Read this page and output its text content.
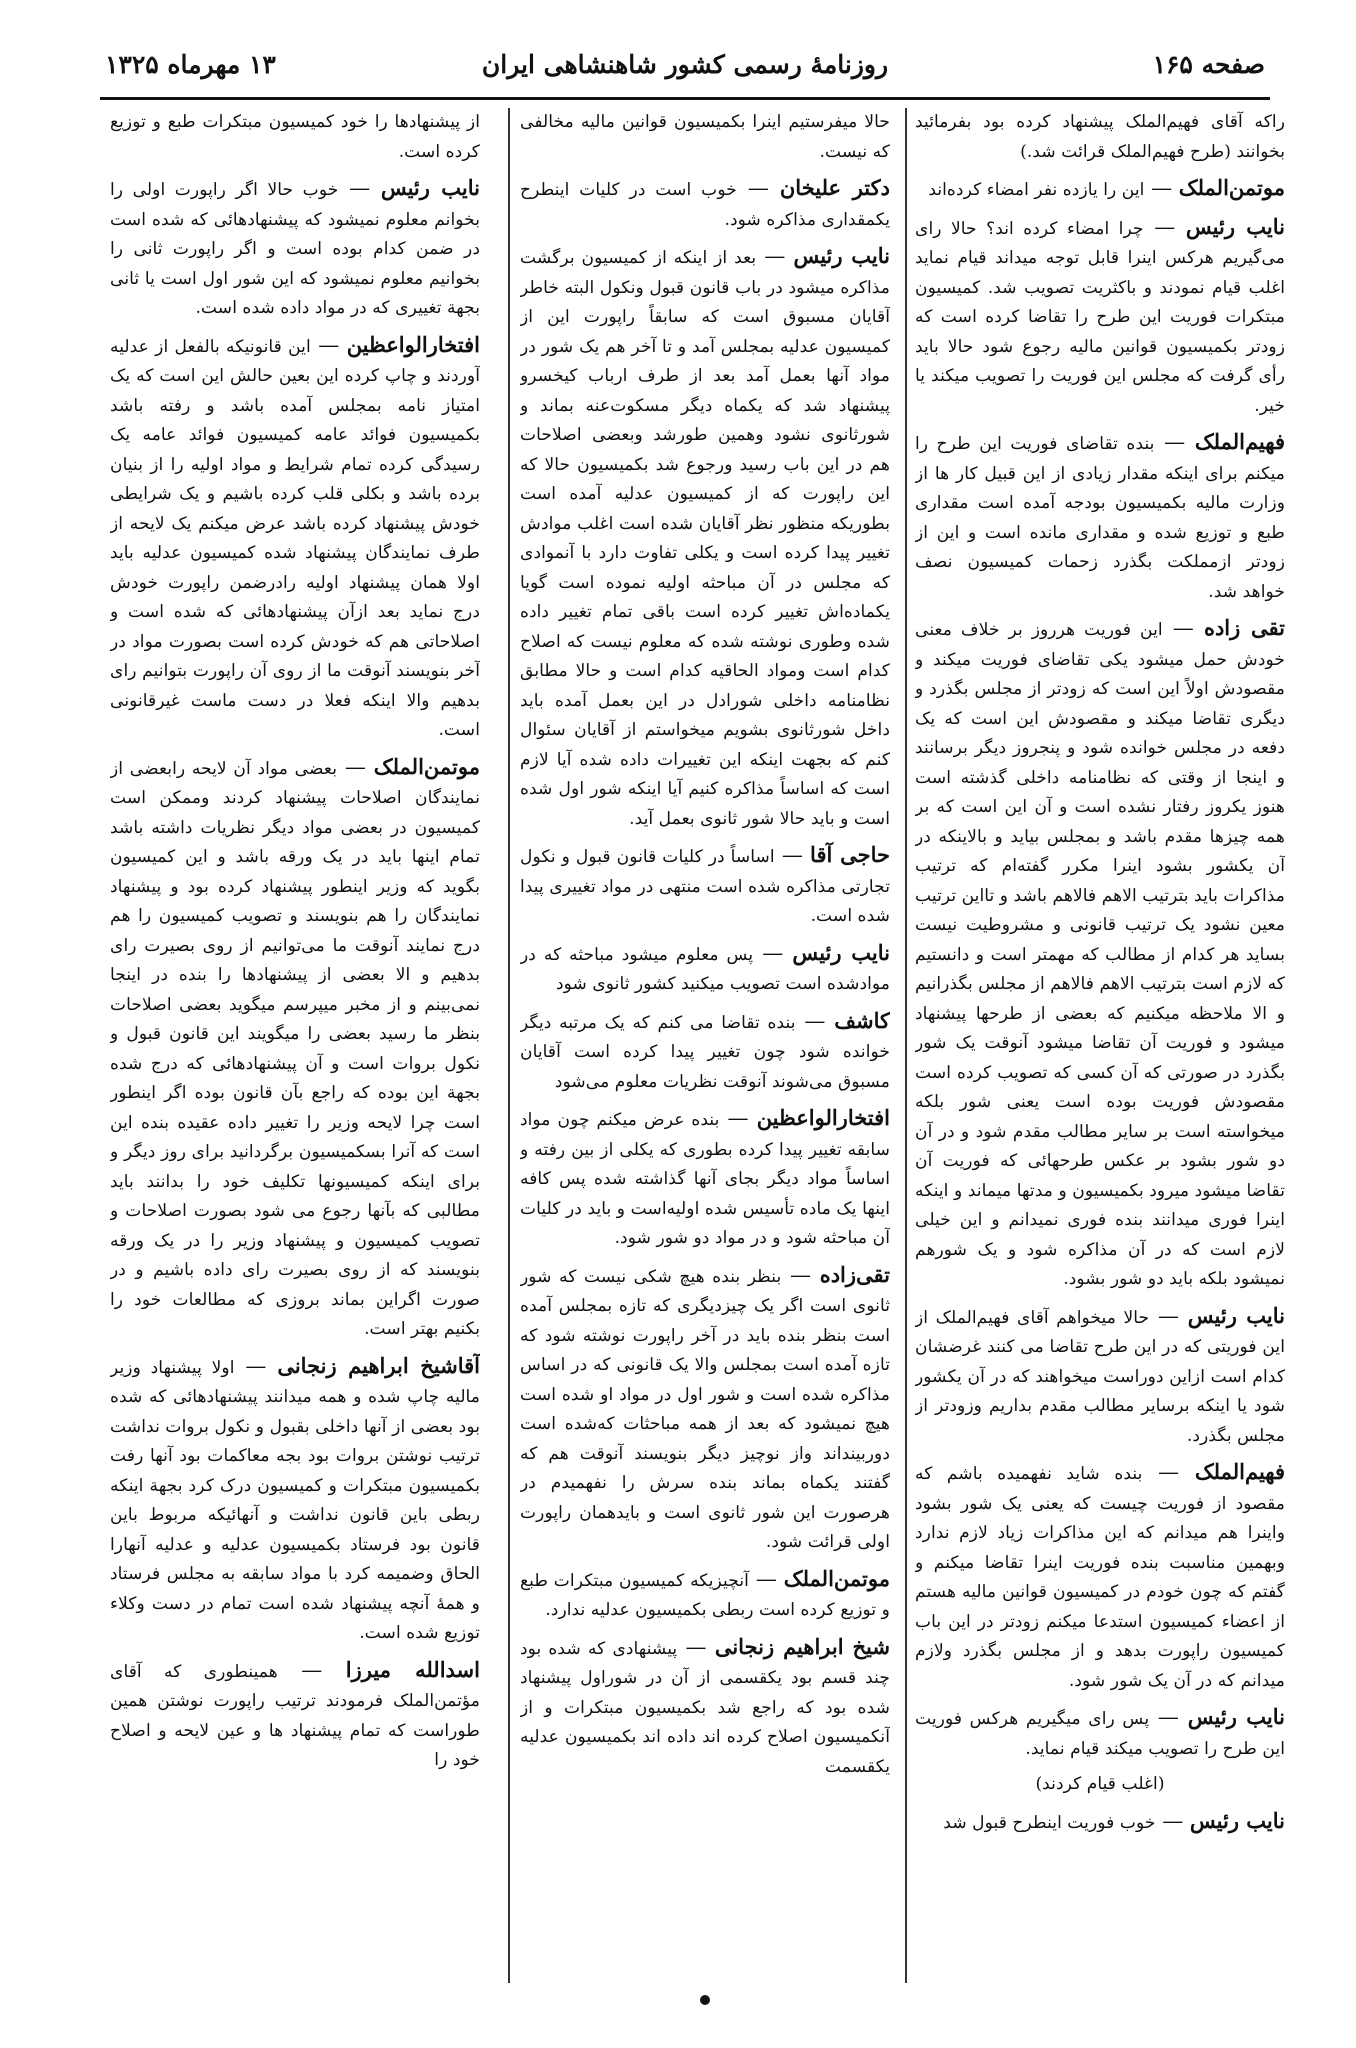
صفحه ۱۶۵
روزنامهٔ رسمی کشور شاهنشاهی ایران
۱۳ مهرماه ۱۳۲۵

راکه آقای فهیم‌الملک پیشنهاد کرده بود بفرمائید بخوانند (طرح فهیم‌الملک قرائت شد.)

موتمن‌الملک — این را یازده نفر امضاء کرده‌اند

نایب رئیس — چرا امضاء کرده اند؟ حالا رای می‌گیریم هرکس اینرا قابل توجه میداند قیام نماید اغلب قیام نمودند و باکثریت تصویب شد. کمیسیون مبتکرات فوریت این طرح را تقاضا کرده است که زودتر بکمیسیون قوانین مالیه رجوع شود حالا باید رأی گرفت که مجلس این فوریت را تصویب میکند یا خیر.

فهیم‌الملک — بنده تقاضای فوریت این طرح را میکنم برای اینکه مقدار زیادی از این قبیل کار ها از وزارت مالیه بکمیسیون بودجه آمده است مقداری طبع و توزیع شده و مقداری مانده است و این از زودتر ازمملکت بگذرد زحمات کمیسیون نصف خواهد شد.

تقی زاده — این فوریت هرروز بر خلاف معنی خودش حمل میشود یکی تقاضای فوریت میکند و مقصودش اولاً این است که زودتر از مجلس بگذرد و دیگری تقاضا میکند و مقصودش این است که یک دفعه در مجلس خوانده شود و پنجروز دیگر برسانند و اینجا از وقتی که نظامنامه داخلی گذشته است هنوز یکروز رفتار نشده است و آن این است که بر همه چیزها مقدم باشد و بمجلس بیاید و بالاینکه در آن یکشور بشود اینرا مکرر گفته‌ام که ترتیب مذاکرات باید بترتیب الاهم فالاهم باشد و تااین ترتیب معین نشود یک ترتیب قانونی و مشروطیت نیست بساید هر کدام از مطالب که مهمتر است و دانستیم که لازم است بترتیب الاهم فالاهم از مجلس بگذرانیم و الا ملاحظه میکنیم که بعضی از طرحها پیشنهاد میشود و فوریت آن تقاضا میشود آنوقت یک شور بگذرد در صورتی که آن کسی که تصویب کرده است مقصودش فوریت بوده است یعنی شور بلکه میخواسته است بر سایر مطالب مقدم شود و در آن دو شور بشود بر عکس طرحهائی که فوریت آن تقاضا میشود میرود بکمیسیون و مدتها میماند و اینکه اینرا فوری میدانند بنده فوری نمیدانم و این خیلی لازم است که در آن مذاکره شود و یک شورهم نمیشود بلکه باید دو شور بشود.

نایب رئیس — حالا میخواهم آقای فهیم‌الملک از این فوریتی که در این طرح تقاضا می کنند غرضشان کدام است ازاین دوراست میخواهند که در آن یکشور شود یا اینکه برسایر مطالب مقدم بداریم وزودتر از مجلس بگذرد.

فهیم‌الملک — بنده شاید نفهمیده باشم که مقصود از فوریت چیست که یعنی یک شور بشود واینرا هم میدانم که این مذاکرات زیاد لازم ندارد وبهمین مناسبت بنده فوریت اینرا تقاضا میکنم و گفتم که چون خودم در کمیسیون قوانین مالیه هستم از اعضاء کمیسیون استدعا میکنم زودتر در این باب کمیسیون راپورت بدهد و از مجلس بگذرد ولازم میدانم که در آن یک شور شود.

نایب رئیس — پس رای میگیریم هرکس فوریت این طرح را تصویب میکند قیام نماید.

(اغلب قیام کردند)

نایب رئیس — خوب فوریت اینطرح قبول شد

حالا میفرستیم اینرا بکمیسیون قوانین مالیه مخالفی که نیست.

دکتر علیخان — خوب است در کلیات اینطرح یکمقداری مذاکره شود.

نایب رئیس — بعد از اینکه از کمیسیون برگشت مذاکره میشود در باب قانون قبول ونکول البته خاطر آقایان مسبوق است که سابقاً راپورت این از کمیسیون عدلیه بمجلس آمد و تا آخر هم یک شور در مواد آنها بعمل آمد بعد از طرف ارباب کیخسرو پیشنهاد شد که یکماه دیگر مسکوت‌عنه بماند و شورثانوی نشود وهمین طورشد وبعضی اصلاحات هم در این باب رسید ورجوع شد بکمیسیون حالا که این راپورت که از کمیسیون عدلیه آمده است بطوریکه منظور نظر آقایان شده است اغلب موادش تغییر پیدا کرده است و یکلی تفاوت دارد با آنموادی که مجلس در آن مباحثه اولیه نموده است گویا یکماده‌اش تغییر کرده است باقی تمام تغییر داده شده وطوری نوشته شده که معلوم نیست که اصلاح کدام است ومواد الحاقیه کدام است و حالا مطابق نظامنامه داخلی شورادل در این بعمل آمده باید داخل شورثانوی بشویم میخواستم از آقایان سئوال کنم که بجهت اینکه این تغییرات داده شده آیا لازم است که اساساً مذاکره کنیم آیا اینکه شور اول شده است و باید حالا شور ثانوی بعمل آید.

حاجی آقا — اساساً در کلیات قانون قبول و نکول تجارتی مذاکره شده است منتهی در مواد تغییری پیدا شده است.

نایب رئیس — پس معلوم میشود مباحثه که در موادشده است تصویب میکنید کشور ثانوی شود

کاشف — بنده تقاضا می کنم که یک مرتبه دیگر خوانده شود چون تغییر پیدا کرده است آقایان مسبوق می‌شوند آنوقت نظریات معلوم می‌شود

افتخارالواعظین — بنده عرض میکنم چون مواد سابقه تغییر پیدا کرده بطوری که یکلی از بین رفته و اساساً مواد دیگر بجای آنها گذاشته شده پس کافه اینها یک ماده تأسیس شده اولیه‌است و باید در کلیات آن مباحثه شود و در مواد دو شور شود.

تقی‌زاده — بنظر بنده هیچ شکی نیست که شور ثانوی است اگر یک چیزدیگری که تازه بمجلس آمده است بنظر بنده باید در آخر راپورت نوشته شود که تازه آمده است بمجلس والا یک قانونی که در اساس مذاکره شده است و شور اول در مواد او شده است هیچ نمیشود که بعد از همه مباحثات که‌شده است دوربینداند واز نوچیز دیگر بنویسند آنوقت هم که گفتند یکماه بماند بنده سرش را نفهمیدم در هرصورت این شور ثانوی است و بایدهمان راپورت اولی قرائت شود.

موتمن‌الملک — آنچیزیکه کمیسیون مبتکرات طبع و توزیع کرده است ربطی بکمیسیون عدلیه ندارد.

شیخ ابراهیم زنجانی — پیشنهادی که شده بود چند قسم بود یکقسمی از آن در شوراول پیشنهاد شده بود که راجع شد بکمیسیون مبتکرات و از آنکمیسیون اصلاح کرده اند داده اند بکمیسیون عدلیه یکقسمت

از پیشنهادها را خود کمیسیون مبتکرات طبع و توزیع کرده است.

نایب رئیس — خوب حالا اگر راپورت اولی را بخوانم معلوم نمیشود که پیشنهادهائی که شده است در ضمن کدام بوده است و اگر راپورت ثانی را بخوانیم معلوم نمیشود که این شور اول است یا ثانی بجهة تغییری که در مواد داده شده است.

افتخارالواعظین — این قانونیکه بالفعل از عدلیه آوردند و چاپ کرده این بعین حالش این است که یک امتیاز نامه بمجلس آمده باشد و رفته باشد بکمیسیون فوائد عامه کمیسیون فوائد عامه یک رسیدگی کرده تمام شرایط و مواد اولیه را از بنیان برده باشد و بکلی قلب کرده باشیم و یک شرایطی خودش پیشنهاد کرده باشد عرض میکنم یک لایحه از طرف نمایندگان پیشنهاد شده کمیسیون عدلیه باید اولا همان پیشنهاد اولیه رادرضمن راپورت خودش درج نماید بعد ازآن پیشنهادهائی که شده است و اصلاحاتی هم که خودش کرده است بصورت مواد در آخر بنویسند آنوقت ما از روی آن راپورت بتوانیم رای بدهیم والا اینکه فعلا در دست ماست غیرقانونی است.

موتمن‌الملک — بعضی مواد آن لایحه رابعضی از نمایندگان اصلاحات پیشنهاد کردند وممکن است کمیسیون در بعضی مواد دیگر نظریات داشته باشد تمام اینها باید در یک ورقه باشد و این کمیسیون بگوید که وزیر اینطور پیشنهاد کرده بود و پیشنهاد نمایندگان را هم بنویسند و تصویب کمیسیون را هم درج نمایند آنوقت ما می‌توانیم از روی بصیرت رای بدهیم و الا بعضی از پیشنهادها را بنده در اینجا نمی‌بینم و از مخبر میپرسم میگوید بعضی اصلاحات بنظر ما رسید بعضی را میگویند این قانون قبول و نکول بروات است و آن پیشنهادهائی که درج شده بجهة این بوده که راجع بآن قانون بوده اگر اینطور است چرا لایحه وزیر را تغییر داده عقیده بنده این است که آنرا بسکمیسیون برگردانید برای روز دیگر و برای اینکه کمیسیونها تکلیف خود را بدانند باید مطالبی که بآنها رجوع می شود بصورت اصلاحات و تصویب کمیسیون و پیشنهاد وزیر را در یک ورقه بنویسند که از روی بصیرت رای داده باشیم و در صورت اگراین بماند بروزی که مطالعات خود را بکنیم بهتر است.

آقاشیخ ابراهیم زنجانی — اولا پیشنهاد وزیر مالیه چاپ شده و همه میدانند پیشنهادهائی که شده بود بعضی از آنها داخلی بقبول و نکول بروات نداشت ترتیب نوشتن بروات بود بجه معاکمات بود آنها رفت بکمیسیون مبتکرات و کمیسیون درک کرد بجهة اینکه ربطی باین قانون نداشت و آنهائیکه مربوط باین قانون بود فرستاد بکمیسیون عدلیه و عدلیه آنهارا الحاق وضمیمه کرد با مواد سابقه به مجلس فرستاد و همهٔ آنچه پیشنهاد شده است تمام در دست وکلاء توزیع شده است.

اسدالله میرزا — همینطوری که آقای مؤتمن‌الملک فرمودند ترتیب راپورت نوشتن همین طوراست که تمام پیشنهاد ها و عین لایحه و اصلاح خود را
